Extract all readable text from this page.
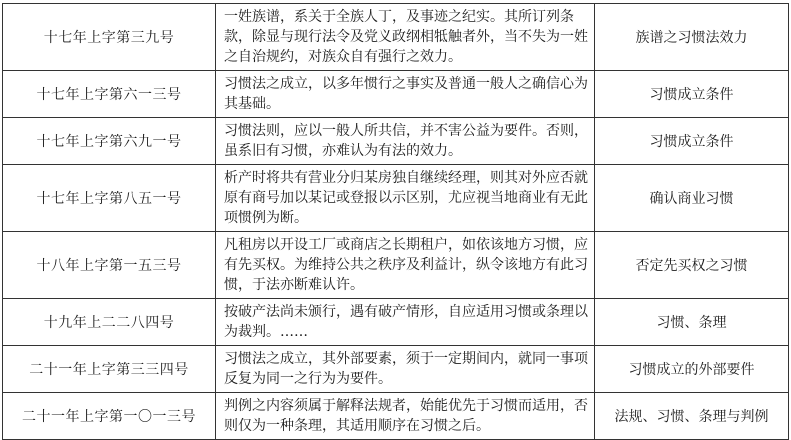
十七年上字第三九号	一姓族谱，系关于全族人丁，及事迹之纪实。其所订列条款，除显与现行法令及党义政纲相牴触者外，当不失为一姓之自治规约，对族众自有强行之效力。	族谱之习惯法效力
十七年上字第六一三号	习惯法之成立，以多年惯行之事实及普通一般人之确信心为其基础。	习惯成立条件
十七年上字第六九一号	习惯法则，应以一般人所共信，并不害公益为要件。否则，虽系旧有习惯，亦难认为有法的效力。	习惯成立条件
十七年上字第八五一号	析产时将共有营业分归某房独自继续经理，则其对外应否就原有商号加以某记或登报以示区别，尤应视当地商业有无此项惯例为断。	确认商业习惯
十八年上字第一五三号	凡租房以开设工厂或商店之长期租户，如依该地方习惯，应有先买权。为维持公共之秩序及利益计，纵令该地方有此习惯，于法亦断难认许。	否定先买权之习惯
十九年上二二八四号	按破产法尚未颁行，遇有破产情形，自应适用习惯或条理以为裁判。……	习惯、条理
二十一年上字第三三四号	习惯法之成立，其外部要素，须于一定期间内，就同一事项反复为同一之行为为要件。	习惯成立的外部要件
二十一年上字第一〇一三号	判例之内容须属于解释法规者，始能优先于习惯而适用，否则仅为一种条理，其适用顺序在习惯之后。	法规、习惯、条理与判例
